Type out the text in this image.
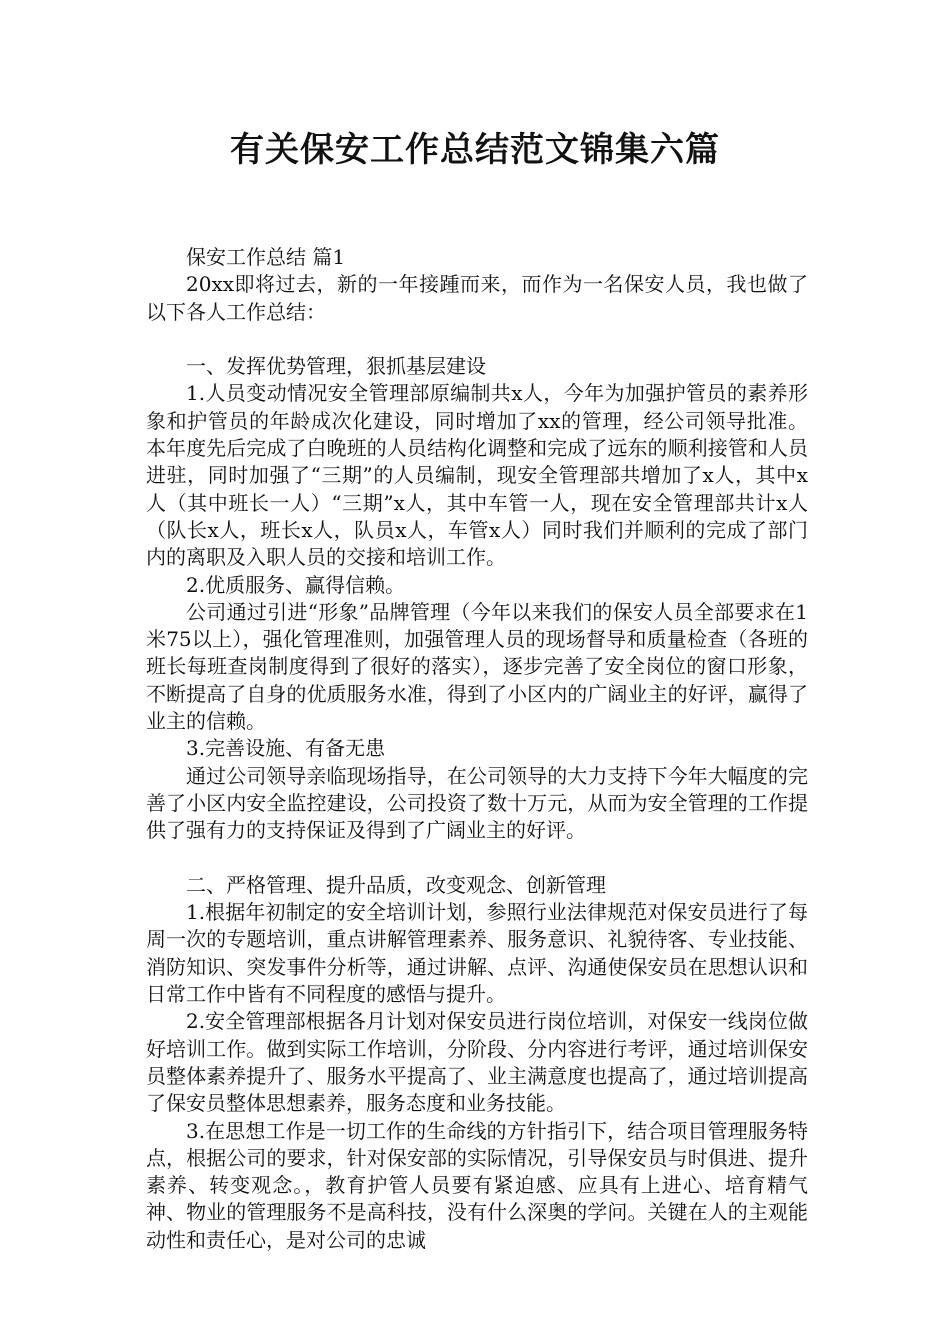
有关保安工作总结范文锦集六篇

保安工作总结 篇1

20xx即将过去，新的一年接踵而来，而作为一名保安人员，我也做了以下各人工作总结：

一、发挥优势管理，狠抓基层建设

1.人员变动情况安全管理部原编制共x人，今年为加强护管员的素养形象和护管员的年龄成次化建设，同时增加了xx的管理，经公司领导批准。本年度先后完成了白晚班的人员结构化调整和完成了远东的顺利接管和人员进驻，同时加强了“三期”的人员编制，现安全管理部共增加了x人，其中x人（其中班长一人）“三期”x人，其中车管一人，现在安全管理部共计x人（队长x人，班长x人，队员x人，车管x人）同时我们并顺利的完成了部门内的离职及入职人员的交接和培训工作。

2.优质服务、赢得信赖。

公司通过引进“形象”品牌管理（今年以来我们的保安人员全部要求在1米75以上），强化管理准则，加强管理人员的现场督导和质量检查（各班的班长每班查岗制度得到了很好的落实），逐步完善了安全岗位的窗口形象，不断提高了自身的优质服务水准，得到了小区内的广阔业主的好评，赢得了业主的信赖。

3.完善设施、有备无患

通过公司领导亲临现场指导，在公司领导的大力支持下今年大幅度的完善了小区内安全监控建设，公司投资了数十万元，从而为安全管理的工作提供了强有力的支持保证及得到了广阔业主的好评。

二、严格管理、提升品质，改变观念、创新管理

1.根据年初制定的安全培训计划，参照行业法律规范对保安员进行了每周一次的专题培训，重点讲解管理素养、服务意识、礼貌待客、专业技能、消防知识、突发事件分析等，通过讲解、点评、沟通使保安员在思想认识和日常工作中皆有不同程度的感悟与提升。

2.安全管理部根据各月计划对保安员进行岗位培训，对保安一线岗位做好培训工作。做到实际工作培训，分阶段、分内容进行考评，通过培训保安员整体素养提升了、服务水平提高了、业主满意度也提高了，通过培训提高了保安员整体思想素养，服务态度和业务技能。

3.在思想工作是一切工作的生命线的方针指引下，结合项目管理服务特点，根据公司的要求，针对保安部的实际情况，引导保安员与时俱进、提升素养、转变观念。，教育护管人员要有紧迫感、应具有上进心、培育精气神、物业的管理服务不是高科技，没有什么深奥的学问。关键在人的主观能动性和责任心，是对公司的忠诚
